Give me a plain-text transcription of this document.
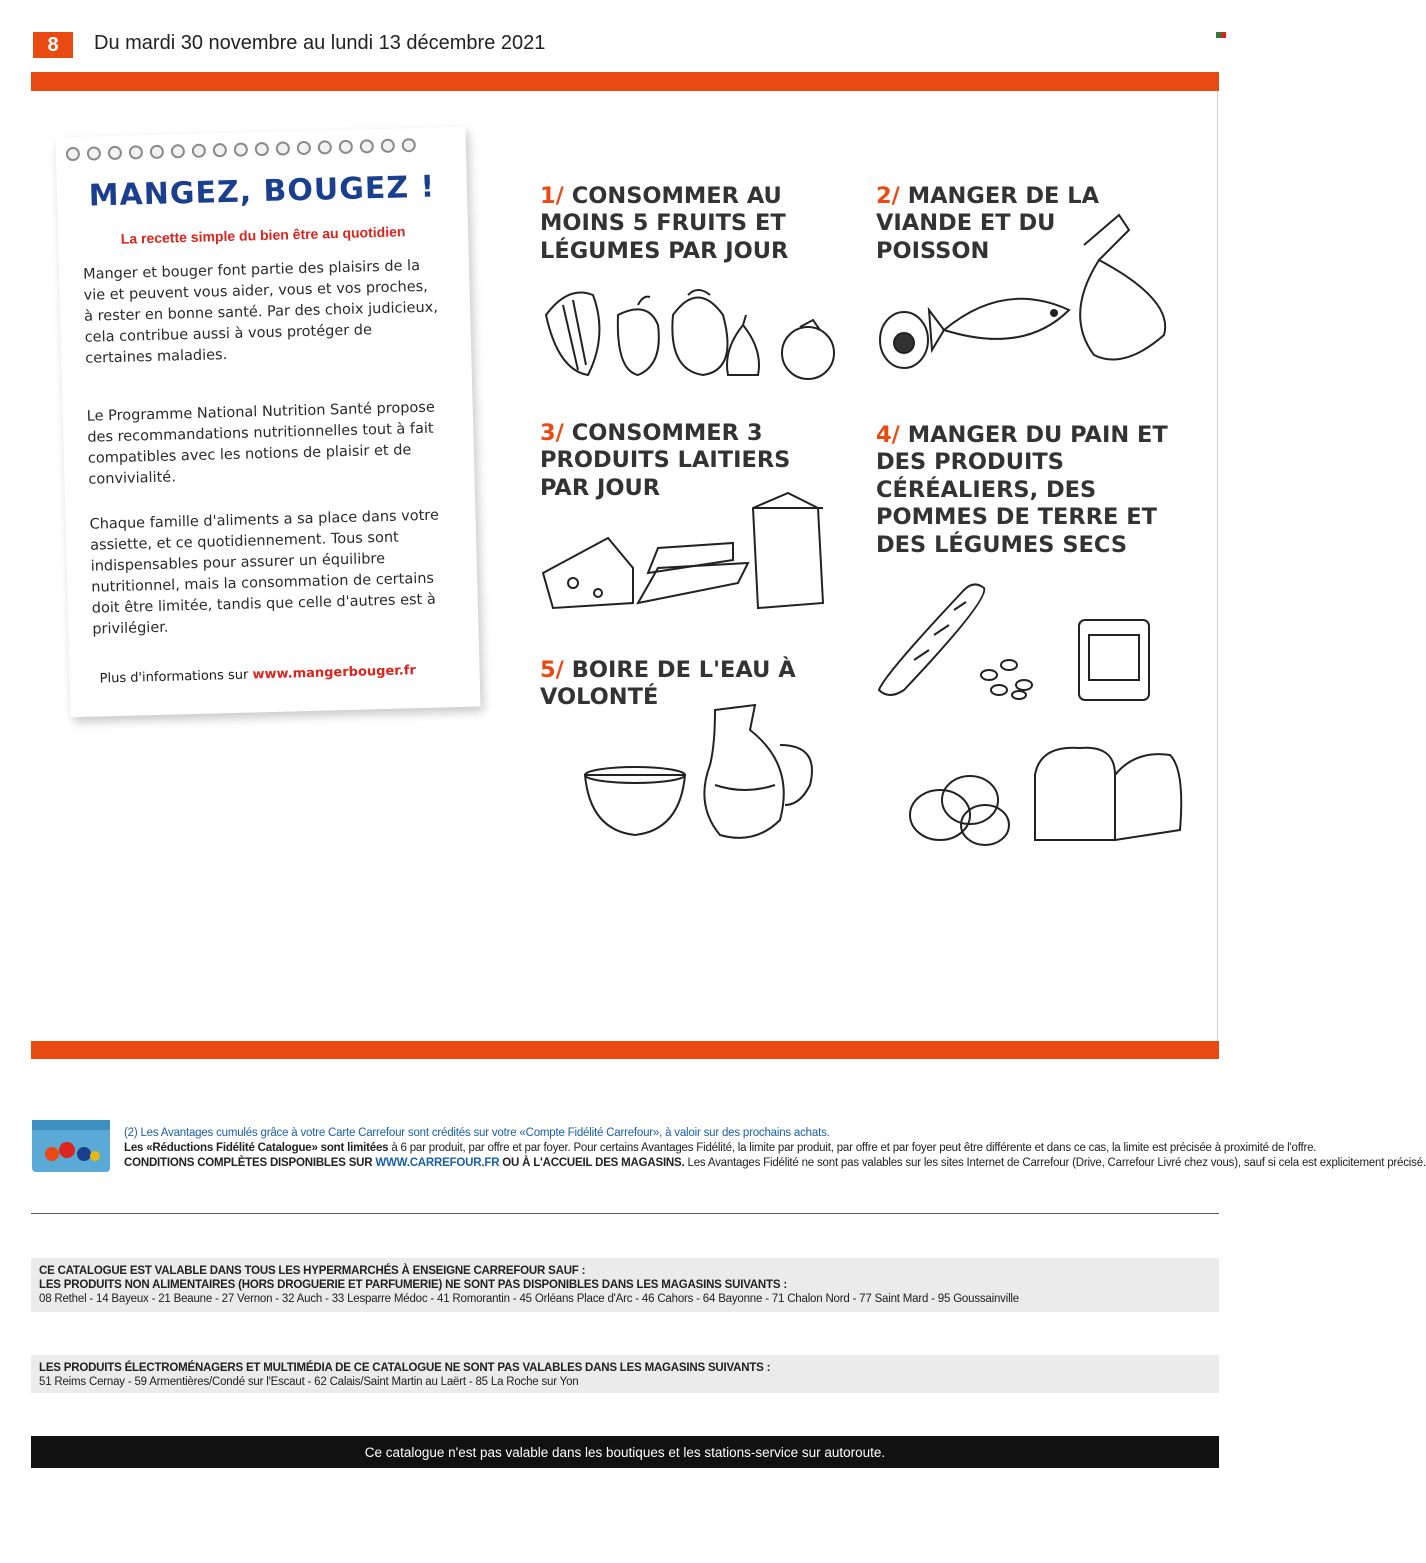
8	Du mardi 30 novembre au lundi 13 décembre 2021
MANGEZ, BOUGEZ !
La recette simple du bien être au quotidien
Manger et bouger font partie des plaisirs de la vie et peuvent vous aider, vous et vos proches, à rester en bonne santé. Par des choix judicieux, cela contribue aussi à vous protéger de certaines maladies.
Le Programme National Nutrition Santé propose des recommandations nutritionnelles tout à fait compatibles avec les notions de plaisir et de convivialité.
Chaque famille d'aliments a sa place dans votre assiette, et ce quotidiennement. Tous sont indispensables pour assurer un équilibre nutritionnel, mais la consommation de certains doit être limitée, tandis que celle d'autres est à privilégier.
Plus d'informations sur www.mangerbouger.fr
1/ CONSOMMER AU MOINS 5 FRUITS ET LÉGUMES PAR JOUR
2/ MANGER DE LA VIANDE ET DU POISSON
3/ CONSOMMER 3 PRODUITS LAITIERS PAR JOUR
4/ MANGER DU PAIN ET DES PRODUITS CÉRÉALIERS, DES POMMES DE TERRE ET DES LÉGUMES SECS
5/ BOIRE DE L'EAU À VOLONTÉ
(2) Les Avantages cumulés grâce à votre Carte Carrefour sont crédités sur votre «Compte Fidélité Carrefour», à valoir sur des prochains achats.
Les «Réductions Fidélité Catalogue» sont limitées à 6 par produit, par offre et par foyer. Pour certains Avantages Fidélité, la limite par produit, par offre et par foyer peut être différente et dans ce cas, la limite est précisée à proximité de l'offre.
CONDITIONS COMPLÈTES DISPONIBLES SUR WWW.CARREFOUR.FR OU À L'ACCUEIL DES MAGASINS. Les Avantages Fidélité ne sont pas valables sur les sites Internet de Carrefour (Drive, Carrefour Livré chez vous), sauf si cela est explicitement précisé.
CE CATALOGUE EST VALABLE DANS TOUS LES HYPERMARCHÉS À ENSEIGNE CARREFOUR SAUF :
LES PRODUITS NON ALIMENTAIRES (HORS DROGUERIE ET PARFUMERIE) NE SONT PAS DISPONIBLES DANS LES MAGASINS SUIVANTS :
08 Rethel - 14 Bayeux - 21 Beaune - 27 Vernon - 32 Auch - 33 Lesparre Médoc - 41 Romorantin - 45 Orléans Place d'Arc - 46 Cahors - 64 Bayonne - 71 Chalon Nord - 77 Saint Mard - 95 Goussainville
LES PRODUITS ÉLECTROMÉNAGERS ET MULTIMÉDIA DE CE CATALOGUE NE SONT PAS VALABLES DANS LES MAGASINS SUIVANTS :
51 Reims Cernay - 59 Armentières/Condé sur l'Escaut - 62 Calais/Saint Martin au Laërt - 85 La Roche sur Yon
Ce catalogue n'est pas valable dans les boutiques et les stations-service sur autoroute.
